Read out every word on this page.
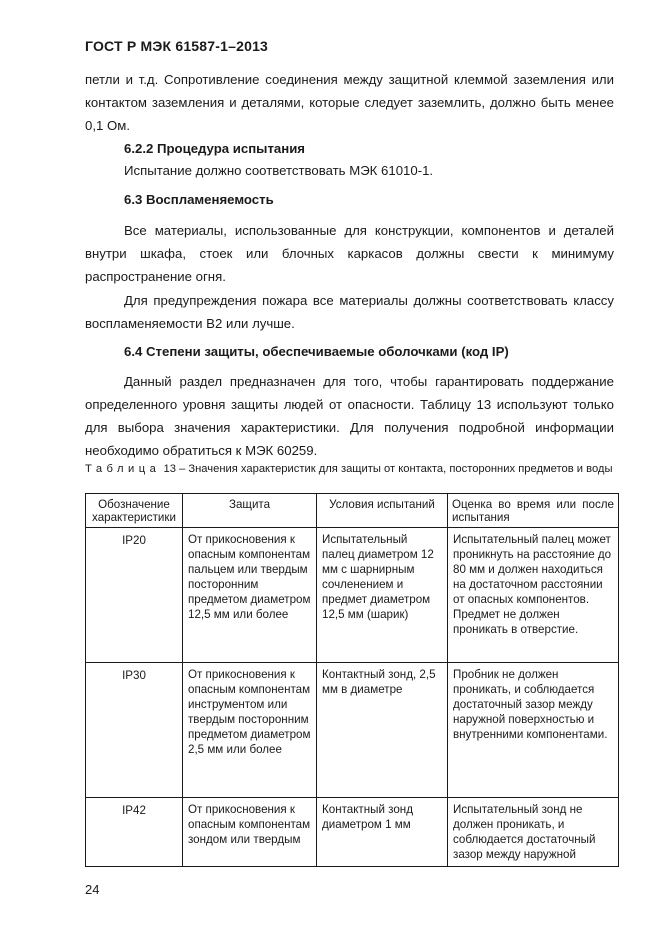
ГОСТ Р МЭК 61587-1–2013

петли и т.д. Сопротивление соединения между защитной клеммой заземления или

контактом заземления и деталями, которые следует заземлить, должно быть менее

0,1 Ом.

6.2.2 Процедура испытания

Испытание должно соответствовать МЭК 61010-1.

6.3 Воспламеняемость

Все материалы, использованные для конструкции, компонентов и деталей

внутри шкафа, стоек или блочных каркасов должны свести к минимуму

распространение огня.

Для предупреждения пожара все материалы должны соответствовать классу

воспламеняемости В2 или лучше.

6.4 Степени защиты, обеспечиваемые оболочками (код IP)

Данный раздел предназначен для того, чтобы гарантировать поддержание

определенного уровня защиты людей от опасности. Таблицу 13 используют только

для выбора значения характеристики. Для получения подробной информации

необходимо обратиться к МЭК 60259.

Таблица 13 – Значения характеристик для защиты от контакта, посторонних предметов и воды
Обозначение характеристики	Защита	Условия испытаний	Оценка во время или после испытания
IP20	От прикосновения к опасным компонентам пальцем или твердым посторонним предметом диаметром 12,5 мм или более	Испытательный палец диаметром 12 мм с шарнирным сочленением и предмет диаметром 12,5 мм (шарик)	Испытательный палец может проникнуть на расстояние до 80 мм и должен находиться на достаточном расстоянии от опасных компонентов. Предмет не должен проникать в отверстие.
IP30	От прикосновения к опасным компонентам инструментом или твердым посторонним предметом диаметром 2,5 мм или более	Контактный зонд, 2,5 мм в диаметре	Пробник не должен проникать, и соблюдается достаточный зазор между наружной поверхностью и внутренними компонентами.
IP42	От прикосновения к опасным компонентам зондом или твердым	Контактный зонд диаметром 1 мм	Испытательный зонд не должен проникать, и соблюдается достаточный зазор между наружной
24
